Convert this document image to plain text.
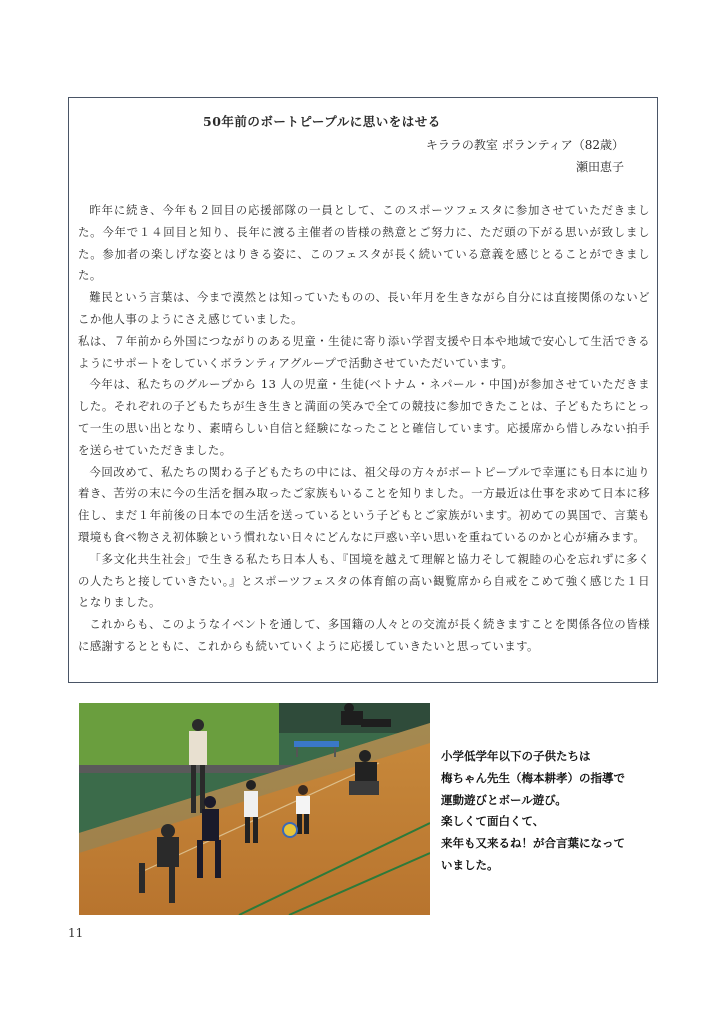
50年前のボートピープルに思いをはせる
キララの教室 ボランティア（82歳）
瀬田恵子

昨年に続き、今年も２回目の応援部隊の一員として、このスポーツフェスタに参加させていただきました。今年で１４回目と知り、長年に渡る主催者の皆様の熱意とご努力に、ただ頭の下がる思いが致しました。参加者の楽しげな姿とはりきる姿に、このフェスタが長く続いている意義を感じとることができました。

難民という言葉は、今まで漠然とは知っていたものの、長い年月を生きながら自分には直接関係のないどこか他人事のようにさえ感じていました。

私は、７年前から外国につながりのある児童・生徒に寄り添い学習支援や日本や地域で安心して生活できるようにサポートをしていくボランティアグループで活動させていただいています。

今年は、私たちのグループから 13 人の児童・生徒(ベトナム・ネパール・中国)が参加させていただきました。それぞれの子どもたちが生き生きと満面の笑みで全ての競技に参加できたことは、子どもたちにとって一生の思い出となり、素晴らしい自信と経験になったことと確信しています。応援席から惜しみない拍手を送らせていただきました。

今回改めて、私たちの関わる子どもたちの中には、祖父母の方々がボートピープルで幸運にも日本に辿り着き、苦労の末に今の生活を掴み取ったご家族もいることを知りました。一方最近は仕事を求めて日本に移住し、まだ１年前後の日本での生活を送っているという子どもとご家族がいます。初めての異国で、言葉も環境も食べ物さえ初体験という慣れない日々にどんなに戸惑い辛い思いを重ねているのかと心が痛みます。

「多文化共生社会」で生きる私たち日本人も、『国境を越えて理解と協力そして親睦の心を忘れずに多くの人たちと接していきたい。』とスポーツフェスタの体育館の高い観覧席から自戒をこめて強く感じた１日となりました。

これからも、このようなイベントを通して、多国籍の人々との交流が長く続きますことを関係各位の皆様に感謝するとともに、これからも続いていくように応援していきたいと思っています。

小学低学年以下の子供たちは
梅ちゃん先生（梅本耕孝）の指導で
運動遊びとボール遊び。
楽しくて面白くて、
来年も又来るね！が合言葉になって
いました。
11
